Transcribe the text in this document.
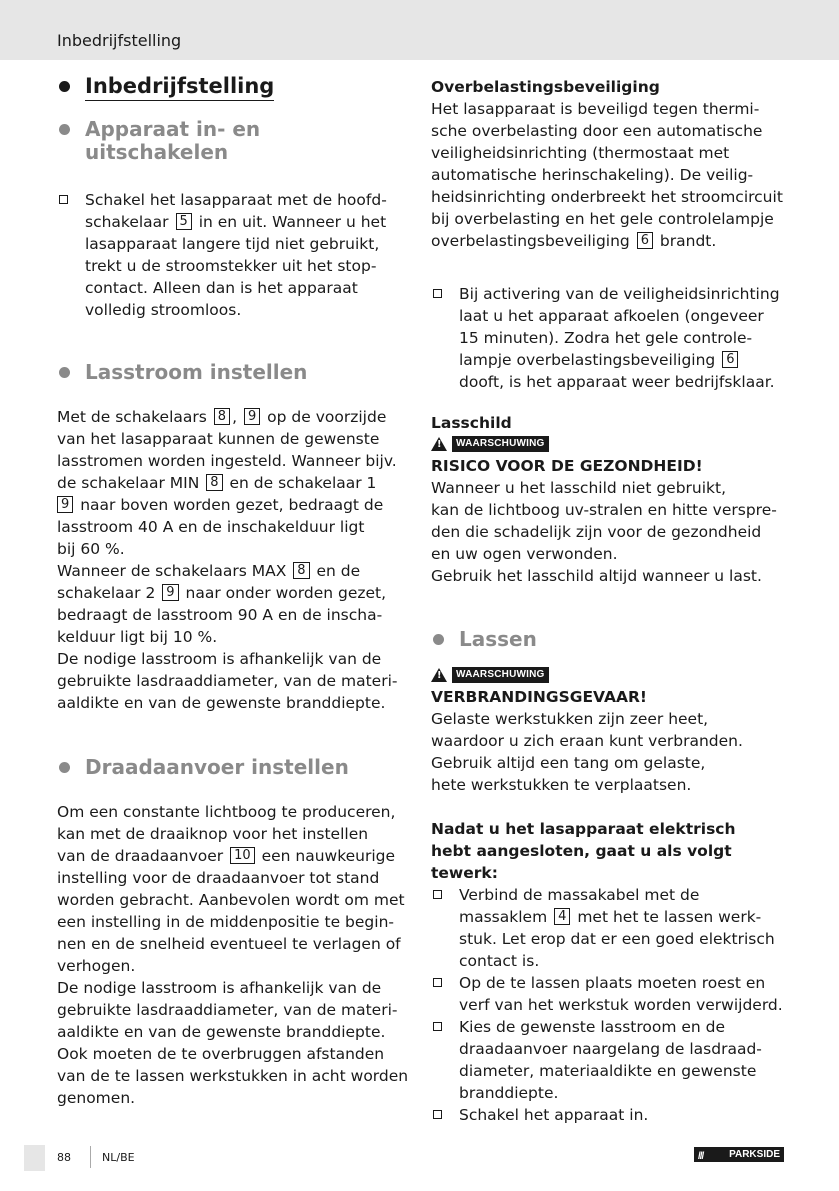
Inbedrijfstelling
Inbedrijfstelling
Apparaat in- en
uitschakelen
Schakel het lasapparaat met de hoofd-
schakelaar 5 in en uit. Wanneer u het
lasapparaat langere tijd niet gebruikt,
trekt u de stroomstekker uit het stop-
contact. Alleen dan is het apparaat
volledig stroomloos.
Lasstroom instellen
Met de schakelaars 8 , 9 op de voorzijde
van het lasapparaat kunnen de gewenste
lasstromen worden ingesteld. Wanneer bijv.
de schakelaar MIN 8 en de schakelaar 1
9 naar boven worden gezet, bedraagt de
lasstroom 40 A en de inschakelduur ligt
bij 60 %.
Wanneer de schakelaars MAX 8 en de
schakelaar 2 9 naar onder worden gezet,
bedraagt de lasstroom 90 A en de inscha-
kelduur ligt bij 10 %.
De nodige lasstroom is afhankelijk van de
gebruikte lasdraaddiameter, van de materi-
aaldikte en van de gewenste branddiepte.
Draadaanvoer instellen
Om een constante lichtboog te produceren,
kan met de draaiknop voor het instellen
van de draadaanvoer 10 een nauwkeurige
instelling voor de draadaanvoer tot stand
worden gebracht. Aanbevolen wordt om met
een instelling in de middenpositie te begin-
nen en de snelheid eventueel te verlagen of
verhogen.
De nodige lasstroom is afhankelijk van de
gebruikte lasdraaddiameter, van de materi-
aaldikte en van de gewenste branddiepte.
Ook moeten de te overbruggen afstanden
van de te lassen werkstukken in acht worden
genomen.
Overbelastingsbeveiliging
Het lasapparaat is beveiligd tegen thermi-
sche overbelasting door een automatische
veiligheidsinrichting (thermostaat met
automatische herinschakeling). De veilig-
heidsinrichting onderbreekt het stroomcircuit
bij overbelasting en het gele controlelampje
overbelastingsbeveiliging 6 brandt.
Bij activering van de veiligheidsinrichting
laat u het apparaat afkoelen (ongeveer
15 minuten). Zodra het gele controle-
lampje overbelastingsbeveiliging 6
dooft, is het apparaat weer bedrijfsklaar.
Lasschild
!
WAARSCHUWING
RISICO VOOR DE GEZONDHEID!
Wanneer u het lasschild niet gebruikt,
kan de lichtboog uv-stralen en hitte verspre-
den die schadelijk zijn voor de gezondheid
en uw ogen verwonden.
Gebruik het lasschild altijd wanneer u last.
Lassen
!
WAARSCHUWING
VERBRANDINGSGEVAAR!
Gelaste werkstukken zijn zeer heet,
waardoor u zich eraan kunt verbranden.
Gebruik altijd een tang om gelaste,
hete werkstukken te verplaatsen.
Nadat u het lasapparaat elektrisch
hebt aangesloten, gaat u als volgt
tewerk:
Verbind de massakabel met de
massaklem 4 met het te lassen werk-
stuk. Let erop dat er een goed elektrisch
contact is.
Op de te lassen plaats moeten roest en
verf van het werkstuk worden verwijderd.
Kies de gewenste lasstroom en de
draadaanvoer naargelang de lasdraad-
diameter, materiaaldikte en gewenste
branddiepte.
Schakel het apparaat in.
88	NL/BE	///	PARKSIDE
